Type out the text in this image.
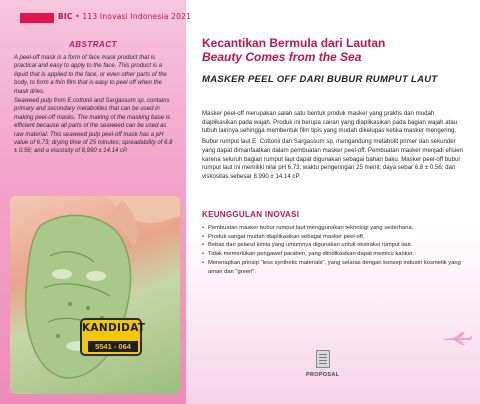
BIC • 113 Inovasi Indonesia 2021
ABSTRACT

A peel-off mask is a form of face mask product that is practical and easy to apply to the face. This product is a liquid that is applied to the face, or even other parts of the body, to form a thin film that is easy to peel off when the mask dries.

Seaweed pulp from E.cottonii and Sargassum sp. contains primary and secondary metabolites that can be used in making peel-off masks. The making of the masking base is efficient because all parts of the seaweed can be used as raw material. This seaweed pulp peel-off mask has a pH value of 6.73; drying time of 25 minutes; spreadability of 6.8 ± 0.56; and a viscosity of 8,990 ± 14.14 cP.

KANDIDAT
5541 - 064
Kecantikan Bermula dari Lautan
Beauty Comes from the Sea
MASKER PEEL OFF DARI BUBUR RUMPUT LAUT

Masker peel-off merupakan salah satu bentuk produk masker yang praktis dan mudah diaplikasikan pada wajah. Produk ini berupa cairan yang diaplikasikan pada bagian wajah atau tubuh lainnya sehingga membentuk film tipis yang mudah dikelupas ketika masker mengering.

Bubur rumput laut E. Cottonii dan Sargassum sp. mengandung metabolit primer dan sekunder yang dapat dimanfaatkan dalam pembuatan masker peel-off. Pembuatan masker menjadi efisien karena seluruh bagian rumput laut dapat digunakan sebagai bahan baku. Masker peel-off bubur rumput laut ini memiliki nilai pH 6.73; waktu pengeringan 25 menit; daya sebar 6.8 ± 0.56; dan viskositas sebesar 8.990 ± 14.14 cP.

KEUNGGULAN INOVASI
• Pembuatan masker bubur rumput laut menggunakan teknologi yang sederhana,
• Produk sangat mudah diaplikasikan sebagai masker peel-off.
• Bebas dari pelarut kimia yang umumnya digunakan untuk ekstraksi rumput laut.
• Tidak memerlukan pengawet paraben, yang diindikasikan dapat memicu kanker.
• Menerapkan prinsip "less synthetic materials", yang selaras dengan konsep industri kosmetik yang aman dan "green".
PROPOSAL
